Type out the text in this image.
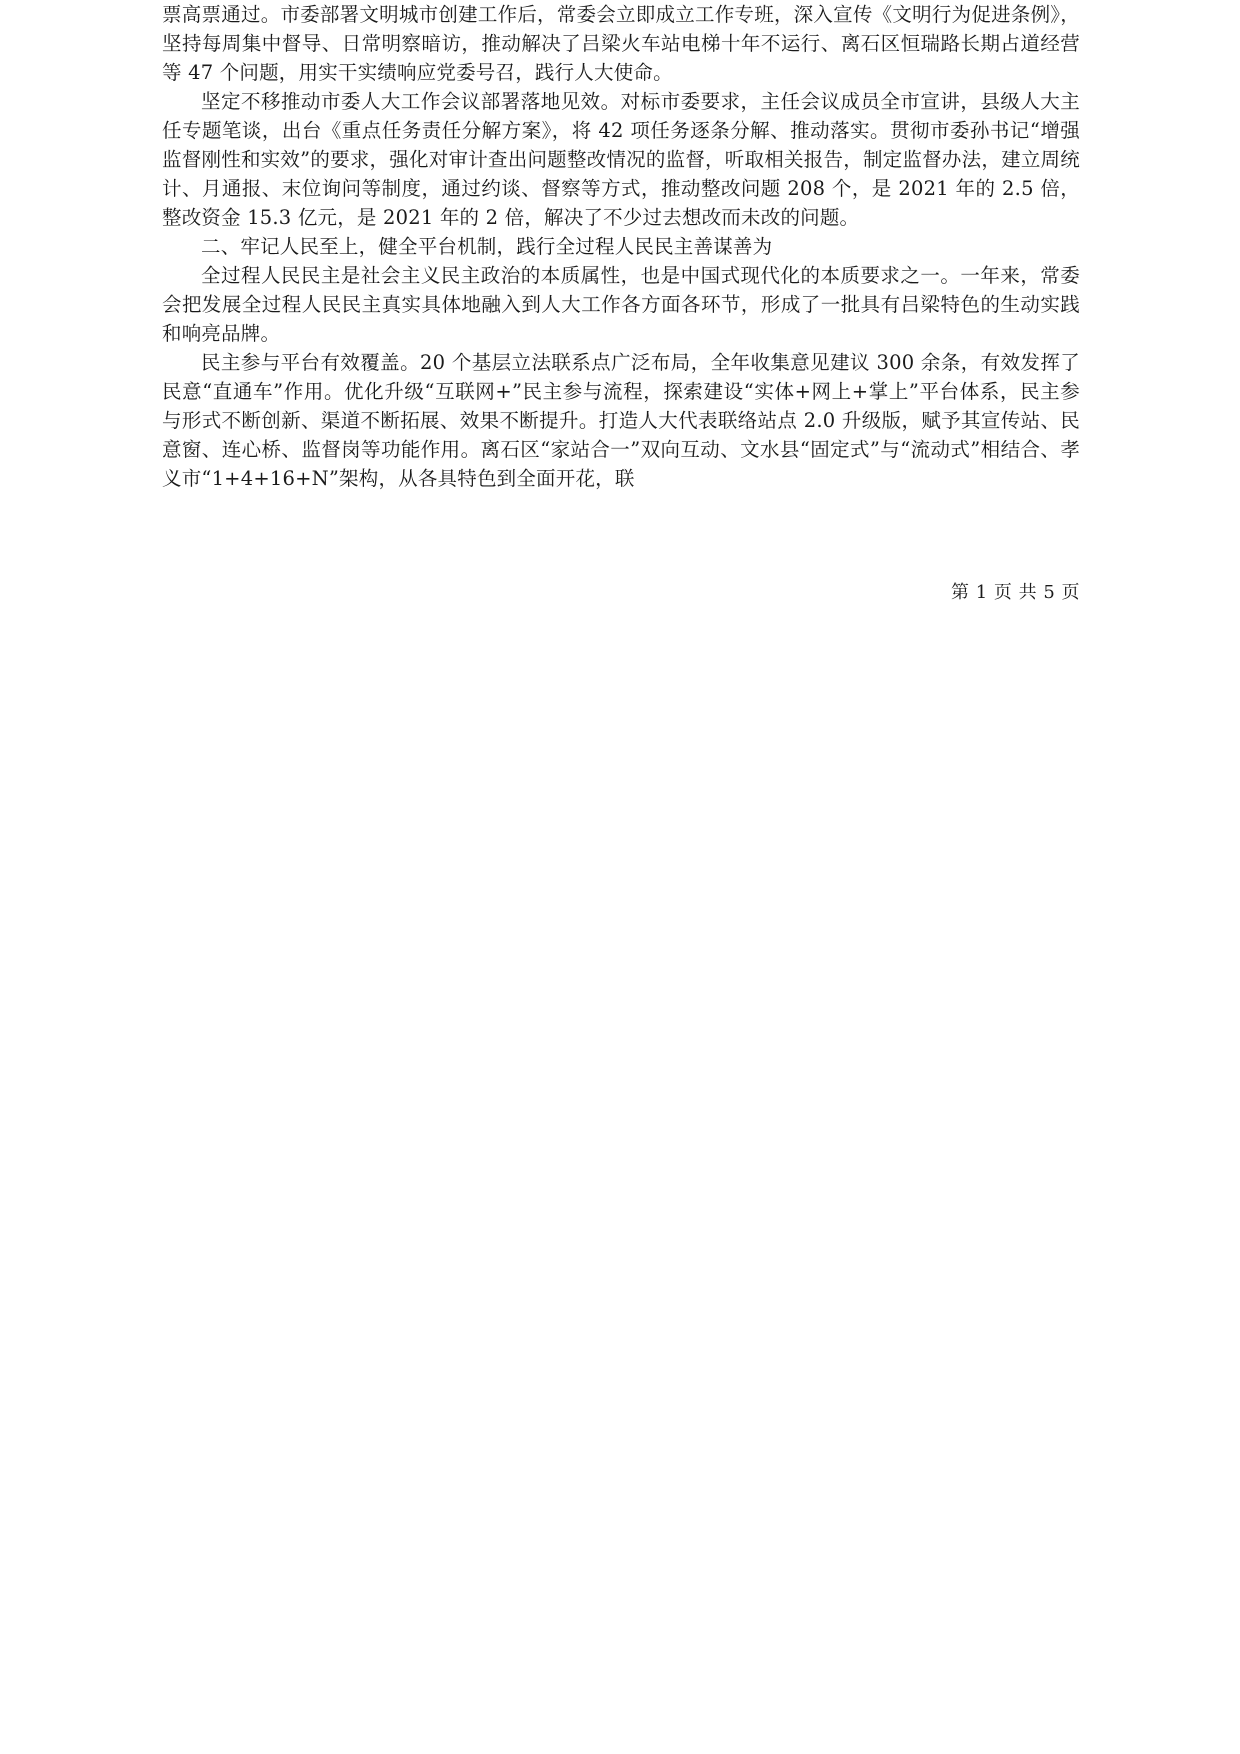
票高票通过。市委部署文明城市创建工作后，常委会立即成立工作专班，深入宣传《文明行为促进条例》，坚持每周集中督导、日常明察暗访，推动解决了吕梁火车站电梯十年不运行、离石区恒瑞路长期占道经营等 47 个问题，用实干实绩响应党委号召，践行人大使命。

坚定不移推动市委人大工作会议部署落地见效。对标市委要求，主任会议成员全市宣讲，县级人大主任专题笔谈，出台《重点任务责任分解方案》，将 42 项任务逐条分解、推动落实。贯彻市委孙书记“增强监督刚性和实效”的要求，强化对审计查出问题整改情况的监督，听取相关报告，制定监督办法，建立周统计、月通报、末位询问等制度，通过约谈、督察等方式，推动整改问题 208 个，是 2021 年的 2.5 倍，整改资金 15.3 亿元，是 2021 年的 2 倍，解决了不少过去想改而未改的问题。

二、牢记人民至上，健全平台机制，践行全过程人民民主善谋善为

全过程人民民主是社会主义民主政治的本质属性，也是中国式现代化的本质要求之一。一年来，常委会把发展全过程人民民主真实具体地融入到人大工作各方面各环节，形成了一批具有吕梁特色的生动实践和响亮品牌。

民主参与平台有效覆盖。20 个基层立法联系点广泛布局，全年收集意见建议 300 余条，有效发挥了民意“直通车”作用。优化升级“互联网+”民主参与流程，探索建设“实体+网上+掌上”平台体系，民主参与形式不断创新、渠道不断拓展、效果不断提升。打造人大代表联络站点 2.0 升级版，赋予其宣传站、民意窗、连心桥、监督岗等功能作用。离石区“家站合一”双向互动、文水县“固定式”与“流动式”相结合、孝义市“1+4+16+N”架构，从各具特色到全面开花，联

第 1 页 共 5 页
